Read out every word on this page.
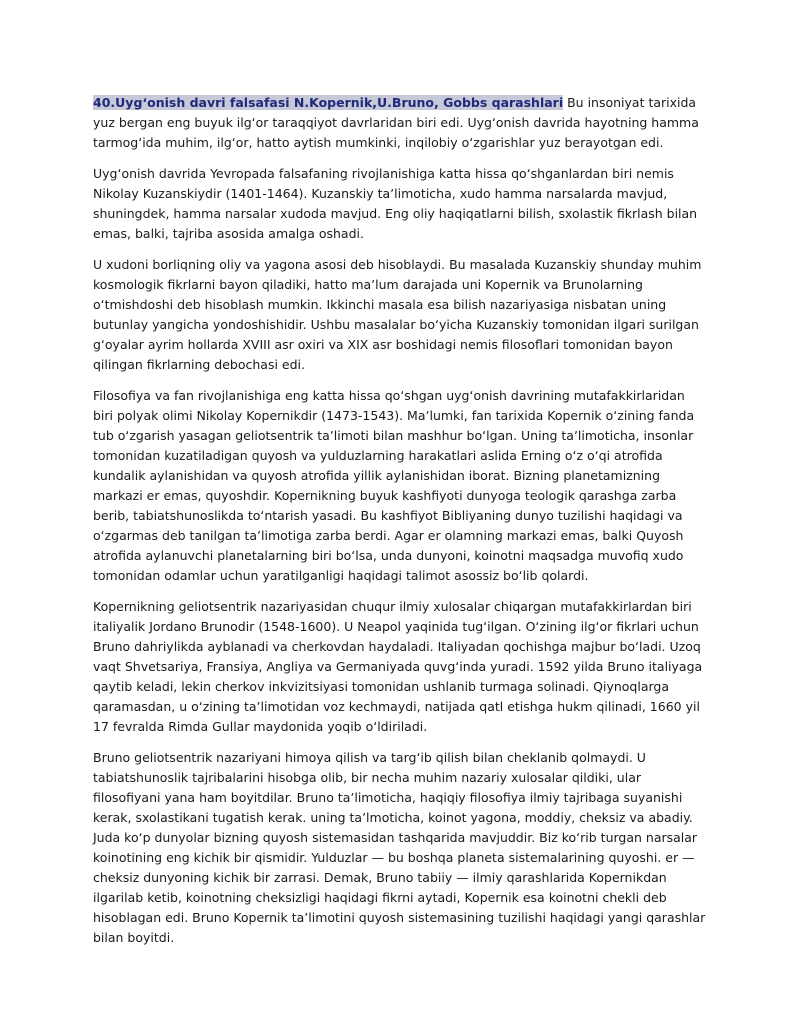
40.Uygʻonish davri falsafasi N.Kopernik,U.Bruno, Gobbs qarashlari Bu insoniyat tarixida yuz bergan eng buyuk ilgʻor taraqqiyot davrlaridan biri edi. Uygʻonish davrida hayotning hamma tarmogʻida muhim, ilgʻor, hatto aytish mumkinki, inqilobiy oʻzgarishlar yuz berayotgan edi.

Uygʻonish davrida Yevropada falsafaning rivojlanishiga katta hissa qoʻshganlardan biri nemis Nikolay Kuzanskiydir (1401-1464). Kuzanskiy taʼlimoticha, xudo hamma narsalarda mavjud, shuningdek, hamma narsalar xudoda mavjud. Eng oliy haqiqatlarni bilish, sxolastik fikrlash bilan emas, balki, tajriba asosida amalga oshadi.

U xudoni borliqning oliy va yagona asosi deb hisoblaydi. Bu masalada Kuzanskiy shunday muhim kosmologik fikrlarni bayon qiladiki, hatto maʼlum darajada uni Kopernik va Brunolarning oʻtmishdoshi deb hisoblash mumkin. Ikkinchi masala esa bilish nazariyasiga nisbatan uning butunlay yangicha yondoshishidir. Ushbu masalalar boʻyicha Kuzanskiy tomonidan ilgari surilgan gʻoyalar ayrim hollarda XVIII asr oxiri va XIX asr boshidagi nemis filosoflari tomonidan bayon qilingan fikrlarning debochasi edi.

Filosofiya va fan rivojlanishiga eng katta hissa qoʻshgan uygʻonish davrining mutafakkirlaridan biri polyak olimi Nikolay Kopernikdir (1473-1543). Maʼlumki, fan tarixida Kopernik oʻzining fanda tub oʻzgarish yasagan geliotsentrik taʼlimoti bilan mashhur boʻlgan. Uning taʼlimoticha, insonlar tomonidan kuzatiladigan quyosh va yulduzlarning harakatlari aslida Erning oʻz oʻqi atrofida kundalik aylanishidan va quyosh atrofida yillik aylanishidan iborat. Bizning planetamizning markazi er emas, quyoshdir. Kopernikning buyuk kashfiyoti dunyoga teologik qarashga zarba berib, tabiatshunoslikda toʻntarish yasadi. Bu kashfiyot Bibliyaning dunyo tuzilishi haqidagi va oʻzgarmas deb tanilgan taʼlimotiga zarba berdi. Agar er olamning markazi emas, balki Quyosh atrofida aylanuvchi planetalarning biri boʻlsa, unda dunyoni, koinotni maqsadga muvofiq xudo tomonidan odamlar uchun yaratilganligi haqidagi talimot asossiz boʻlib qolardi.

Kopernikning geliotsentrik nazariyasidan chuqur ilmiy xulosalar chiqargan mutafakkirlardan biri italiyalik Jordano Brunodir (1548-1600). U Neapol yaqinida tugʻilgan. Oʻzining ilgʻor fikrlari uchun Bruno dahriylikda ayblanadi va cherkovdan haydaladi. Italiyadan qochishga majbur boʻladi. Uzoq vaqt Shvetsariya, Fransiya, Angliya va Germaniyada quvgʻinda yuradi. 1592 yilda Bruno italiyaga qaytib keladi, lekin cherkov inkvizitsiyasi tomonidan ushlanib turmaga solinadi. Qiynoqlarga qaramasdan, u oʻzining taʼlimotidan voz kechmaydi, natijada qatl etishga hukm qilinadi, 1660 yil 17 fevralda Rimda Gullar maydonida yoqib oʻldiriladi.

Bruno geliotsentrik nazariyani himoya qilish va targʻib qilish bilan cheklanib qolmaydi. U tabiatshunoslik tajribalarini hisobga olib, bir necha muhim nazariy xulosalar qildiki, ular filosofiyani yana ham boyitdilar. Bruno taʼlimoticha, haqiqiy filosofiya ilmiy tajribaga suyanishi kerak, sxolastikani tugatish kerak. uning taʼlmoticha, koinot yagona, moddiy, cheksiz va abadiy. Juda koʻp dunyolar bizning quyosh sistemasidan tashqarida mavjuddir. Biz koʻrib turgan narsalar koinotining eng kichik bir qismidir. Yulduzlar — bu boshqa planeta sistemalarining quyoshi. er — cheksiz dunyoning kichik bir zarrasi. Demak, Bruno tabiiy — ilmiy qarashlarida Kopernikdan ilgarilab ketib, koinotning cheksizligi haqidagi fikrni aytadi, Kopernik esa koinotni chekli deb hisoblagan edi. Bruno Kopernik taʼlimotini quyosh sistemasining tuzilishi haqidagi yangi qarashlar bilan boyitdi.
